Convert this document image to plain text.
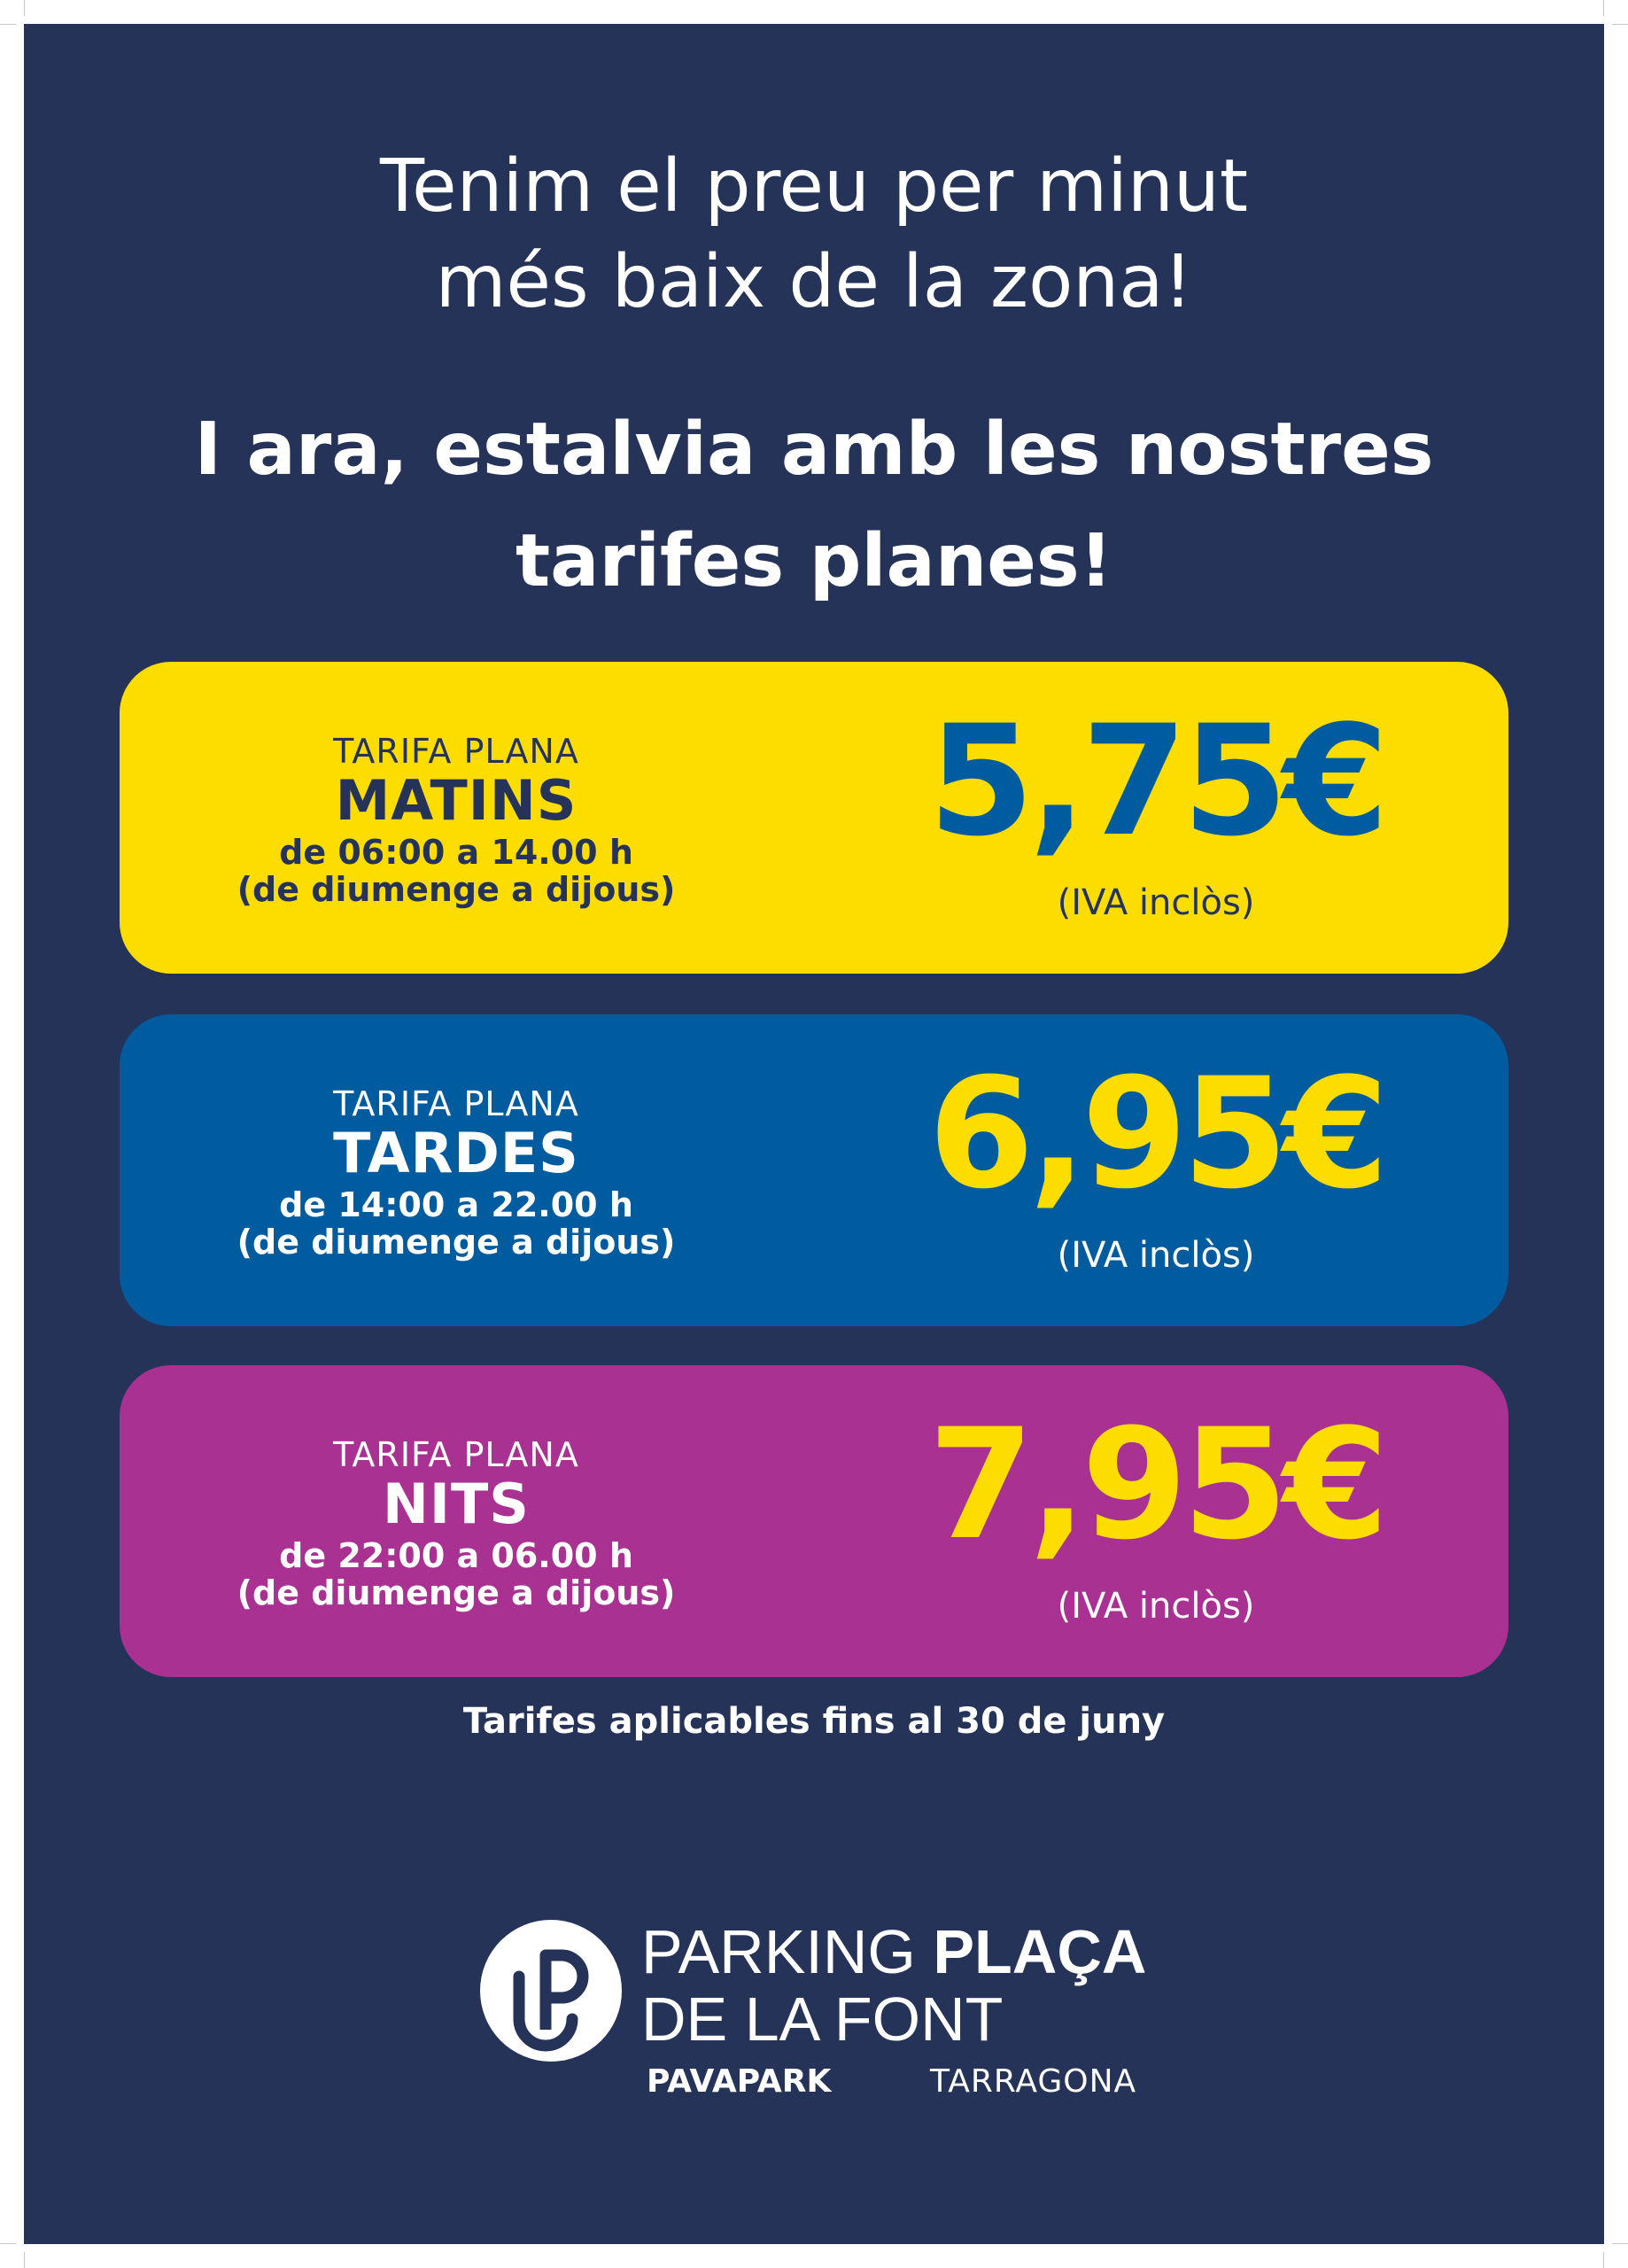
Tenim el preu per minut
més baix de la zona!
I ara, estalvia amb les nostres
tarifes planes!
TARIFA PLANA
MATINS
de 06:00 a 14.00 h
(de diumenge a dijous)
5,75€
(IVA inclòs)
TARIFA PLANA
TARDES
de 14:00 a 22.00 h
(de diumenge a dijous)
6,95€
(IVA inclòs)
TARIFA PLANA
NITS
de 22:00 a 06.00 h
(de diumenge a dijous)
7,95€
(IVA inclòs)

Tarifes aplicables fins al 30 de juny

PARKING PLAÇA
DE LA FONT
PAVAPARK	TARRAGONA
